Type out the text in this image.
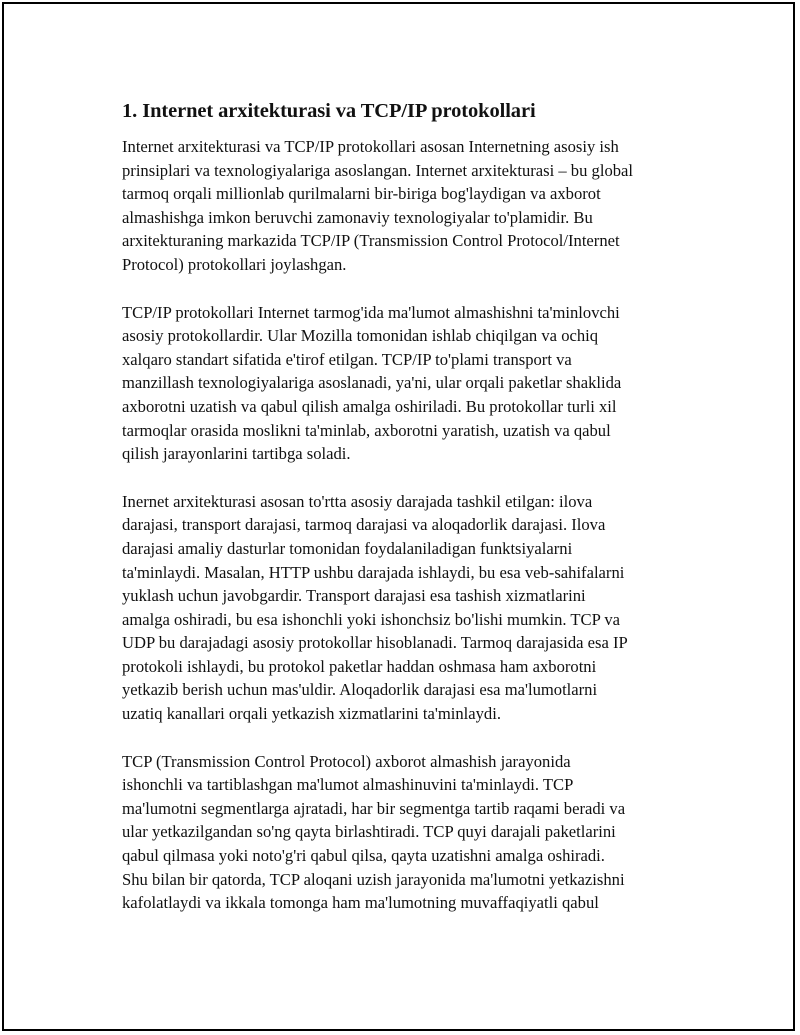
1. Internet arxitekturasi va TCP/IP protokollari

Internet arxitekturasi va TCP/IP protokollari asosan Internetning asosiy ish
prinsiplari va texnologiyalariga asoslangan. Internet arxitekturasi – bu global
tarmoq orqali millionlab qurilmalarni bir-biriga bog'laydigan va axborot
almashishga imkon beruvchi zamonaviy texnologiyalar to'plamidir. Bu
arxitekturaning markazida TCP/IP (Transmission Control Protocol/Internet
Protocol) protokollari joylashgan.

TCP/IP protokollari Internet tarmog'ida ma'lumot almashishni ta'minlovchi
asosiy protokollardir. Ular Mozilla tomonidan ishlab chiqilgan va ochiq
xalqaro standart sifatida e'tirof etilgan. TCP/IP to'plami transport va
manzillash texnologiyalariga asoslanadi, ya'ni, ular orqali paketlar shaklida
axborotni uzatish va qabul qilish amalga oshiriladi. Bu protokollar turli xil
tarmoqlar orasida moslikni ta'minlab, axborotni yaratish, uzatish va qabul
qilish jarayonlarini tartibga soladi.

Inernet arxitekturasi asosan to'rtta asosiy darajada tashkil etilgan: ilova
darajasi, transport darajasi, tarmoq darajasi va aloqadorlik darajasi. Ilova
darajasi amaliy dasturlar tomonidan foydalaniladigan funktsiyalarni
ta'minlaydi. Masalan, HTTP ushbu darajada ishlaydi, bu esa veb-sahifalarni
yuklash uchun javobgardir. Transport darajasi esa tashish xizmatlarini
amalga oshiradi, bu esa ishonchli yoki ishonchsiz bo'lishi mumkin. TCP va
UDP bu darajadagi asosiy protokollar hisoblanadi. Tarmoq darajasida esa IP
protokoli ishlaydi, bu protokol paketlar haddan oshmasa ham axborotni
yetkazib berish uchun mas'uldir. Aloqadorlik darajasi esa ma'lumotlarni
uzatiq kanallari orqali yetkazish xizmatlarini ta'minlaydi.

TCP (Transmission Control Protocol) axborot almashish jarayonida
ishonchli va tartiblashgan ma'lumot almashinuvini ta'minlaydi. TCP
ma'lumotni segmentlarga ajratadi, har bir segmentga tartib raqami beradi va
ular yetkazilgandan so'ng qayta birlashtiradi. TCP quyi darajali paketlarini
qabul qilmasa yoki noto'g'ri qabul qilsa, qayta uzatishni amalga oshiradi.
Shu bilan bir qatorda, TCP aloqani uzish jarayonida ma'lumotni yetkazishni
kafolatlaydi va ikkala tomonga ham ma'lumotning muvaffaqiyatli qabul
